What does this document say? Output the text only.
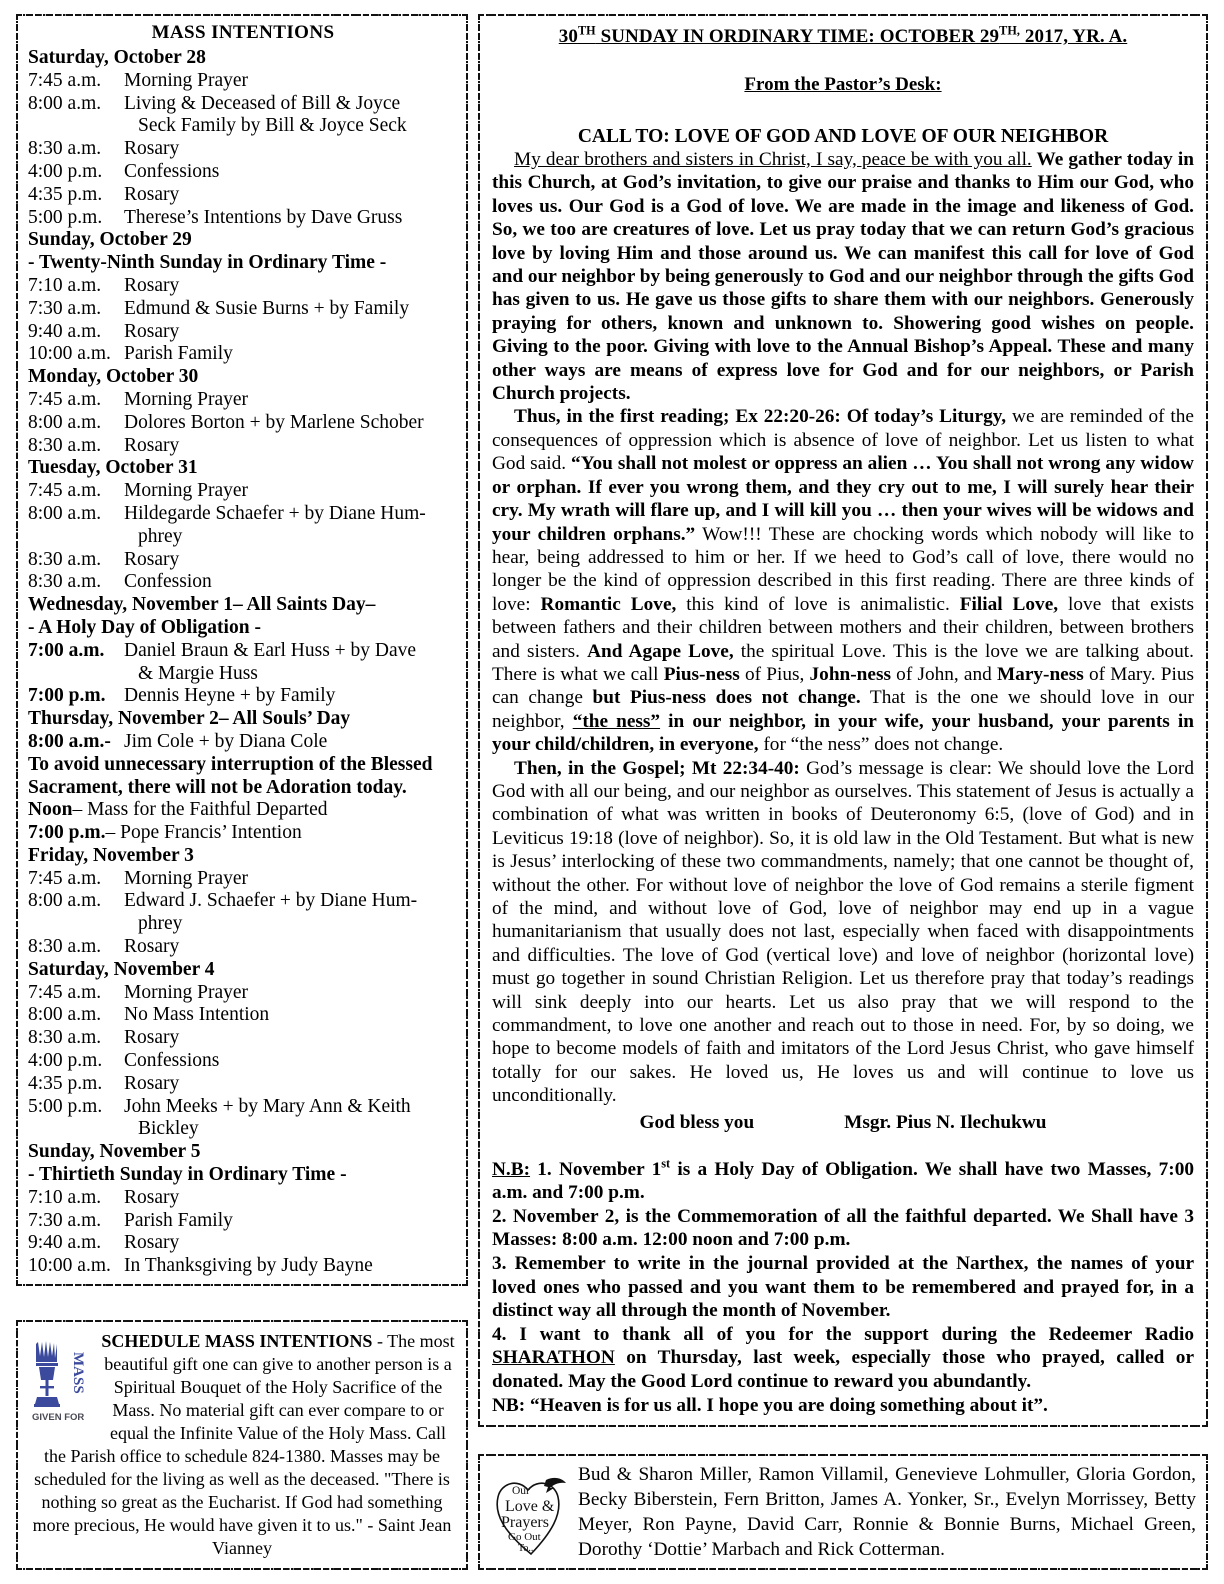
MASS INTENTIONS
Saturday, October 28
7:45 a.m.	Morning Prayer
8:00 a.m.	Living & Deceased of Bill & Joyce
Seck Family by Bill & Joyce Seck
8:30 a.m.	Rosary
4:00 p.m.	Confessions
4:35 p.m.	Rosary
5:00 p.m.	Therese’s Intentions by Dave Gruss
Sunday, October 29
- Twenty-Ninth Sunday in Ordinary Time -
7:10 a.m.	Rosary
7:30 a.m.	Edmund & Susie Burns + by Family
9:40 a.m.	Rosary
10:00 a.m. Parish Family
Monday, October 30
7:45 a.m.	Morning Prayer
8:00 a.m.	Dolores Borton + by Marlene Schober
8:30 a.m.	Rosary
Tuesday, October 31
7:45 a.m.	Morning Prayer
8:00 a.m.	Hildegarde Schaefer + by Diane Hum-
phrey
8:30 a.m.	Rosary
8:30 a.m.	Confession
Wednesday, November 1– All Saints Day–
- A Holy Day of Obligation -
7:00 a.m.	Daniel Braun & Earl Huss + by Dave
& Margie Huss
7:00 p.m. Dennis Heyne + by Family
Thursday, November 2– All Souls’ Day
8:00 a.m.- Jim Cole + by Diana Cole
To avoid unnecessary interruption of the Blessed
Sacrament, there will not be Adoration today.
Noon– Mass for the Faithful Departed
7:00 p.m.– Pope Francis’ Intention
Friday, November 3
7:45 a.m.	Morning Prayer
8:00 a.m.	Edward J. Schaefer + by Diane Hum-
phrey
8:30 a.m.	Rosary
Saturday, November 4
7:45 a.m.	Morning Prayer
8:00 a.m.	No Mass Intention
8:30 a.m.	Rosary
4:00 p.m.	Confessions
4:35 p.m.	Rosary
5:00 p.m.	John Meeks + by Mary Ann & Keith
Bickley
Sunday, November 5
- Thirtieth Sunday in Ordinary Time -
7:10 a.m.	Rosary
7:30 a.m.	Parish Family
9:40 a.m.	Rosary
10:00 a.m. In Thanksgiving by Judy Bayne
MASS
GIVEN FOR
SCHEDULE MASS INTENTIONS - The most beautiful gift one can give to another person is a Spiritual Bouquet of the Holy Sacrifice of the Mass. No material gift can ever compare to or equal the Infinite Value of the Holy Mass. Call the Parish office to schedule 824-1380. Masses may be scheduled for the living as well as the deceased. "There is nothing so great as the Eucharist. If God had something more precious, He would have given it to us." - Saint Jean Vianney
30TH SUNDAY IN ORDINARY TIME: OCTOBER $29^{TH,}$ 2017, YR. A.
From the Pastor’s Desk:
CALL TO: LOVE OF GOD AND LOVE OF OUR NEIGHBOR

My dear brothers and sisters in Christ, I say, peace be with you all. We gather today in this Church, at God’s invitation, to give our praise and thanks to Him our God, who loves us. Our God is a God of love. We are made in the image and likeness of God. So, we too are creatures of love. Let us pray today that we can return God’s gracious love by loving Him and those around us. We can manifest this call for love of God and our neighbor by being generously to God and our neighbor through the gifts God has given to us. He gave us those gifts to share them with our neighbors. Generously praying for others, known and unknown to. Showering good wishes on people. Giving to the poor. Giving with love to the Annual Bishop’s Appeal. These and many other ways are means of express love for God and for our neighbors, or Parish Church projects.

Thus, in the first reading; Ex 22:20-26: Of today’s Liturgy, we are reminded of the consequences of oppression which is absence of love of neighbor. Let us listen to what God said. “You shall not molest or oppress an alien … You shall not wrong any widow or orphan. If ever you wrong them, and they cry out to me, I will surely hear their cry. My wrath will flare up, and I will kill you … then your wives will be widows and your children orphans.” Wow!!! These are chocking words which nobody will like to hear, being addressed to him or her. If we heed to God’s call of love, there would no longer be the kind of oppression described in this first reading. There are three kinds of love: Romantic Love, this kind of love is animalistic. Filial Love, love that exists between fathers and their children between mothers and their children, between brothers and sisters. And Agape Love, the spiritual Love. This is the love we are talking about. There is what we call Pius-ness of Pius, John-ness of John, and Mary-ness of Mary. Pius can change but Pius-ness does not change. That is the one we should love in our neighbor, “the ness” in our neighbor, in your wife, your husband, your parents in your child/children, in everyone, for “the ness” does not change.

Then, in the Gospel; Mt 22:34-40: God’s message is clear: We should love the Lord God with all our being, and our neighbor as ourselves. This statement of Jesus is actually a combination of what was written in books of Deuteronomy 6:5, (love of God) and in Leviticus 19:18 (love of neighbor). So, it is old law in the Old Testament. But what is new is Jesus’ interlocking of these two commandments, namely; that one cannot be thought of, without the other. For without love of neighbor the love of God remains a sterile figment of the mind, and without love of God, love of neighbor may end up in a vague humanitarianism that usually does not last, especially when faced with disappointments and difficulties. The love of God (vertical love) and love of neighbor (horizontal love) must go together in sound Christian Religion. Let us therefore pray that today’s readings will sink deeply into our hearts. Let us also pray that we will respond to the commandment, to love one another and reach out to those in need. For, by so doing, we hope to become models of faith and imitators of the Lord Jesus Christ, who gave himself totally for our sakes. He loved us, He loves us and will continue to love us unconditionally.

God bless you	Msgr. Pius N. Ilechukwu
N.B: 1. November 1st is a Holy Day of Obligation. We shall have two Masses, 7:00 a.m. and 7:00 p.m.
2. November 2, is the Commemoration of all the faithful departed. We Shall have 3 Masses: 8:00 a.m. 12:00 noon and 7:00 p.m.
3. Remember to write in the journal provided at the Narthex, the names of your loved ones who passed and you want them to be remembered and prayed for, in a distinct way all through the month of November.
4. I want to thank all of you for the support during the Redeemer Radio SHARATHON on Thursday, last week, especially those who prayed, called or donated. May the Good Lord continue to reward you abundantly.
NB: “Heaven is for us all. I hope you are doing something about it”.
Our
Love &
Prayers
Go Out
To..
Bud & Sharon Miller, Ramon Villamil, Genevieve Lohmuller, Gloria Gordon, Becky Biberstein, Fern Britton, James A. Yonker, Sr., Evelyn Morrissey, Betty Meyer, Ron Payne, David Carr, Ronnie & Bonnie Burns, Michael Green, Dorothy ‘Dottie’ Marbach and Rick Cotterman.
